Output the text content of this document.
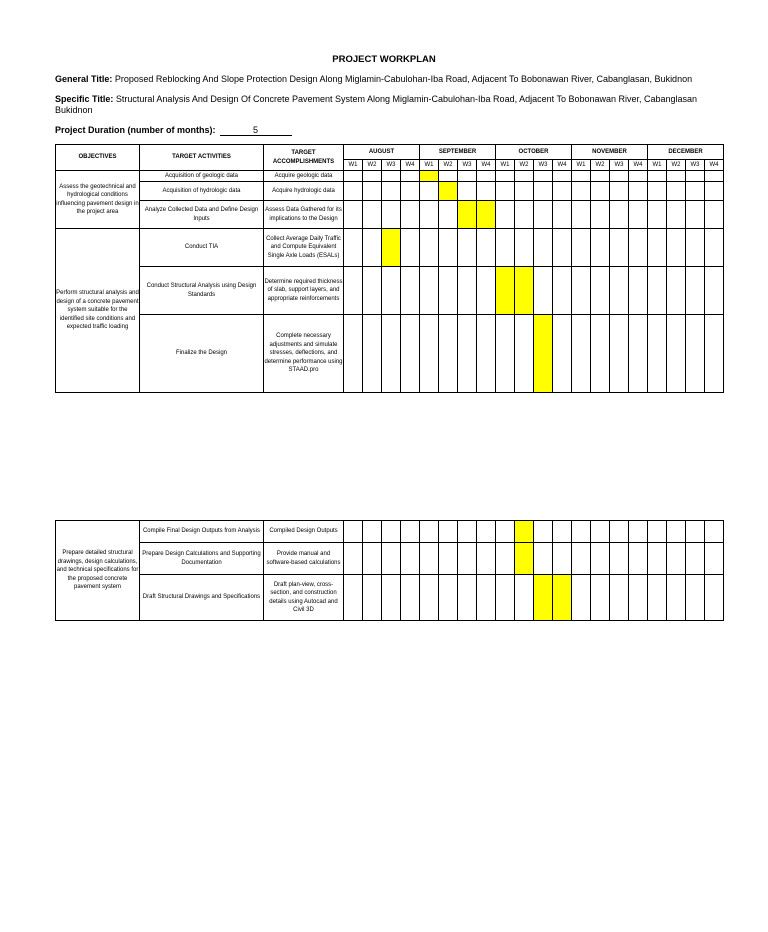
PROJECT WORKPLAN
General Title: Proposed Reblocking And Slope Protection Design Along Miglamin-Cabulohan-Iba Road, Adjacent To Bobonawan River, Cabanglasan, Bukidnon
Specific Title: Structural Analysis And Design Of Concrete Pavement System Along Miglamin-Cabulohan-Iba Road, Adjacent To Bobonawan River, Cabanglasan Bukidnon
Project Duration (number of months):	5
OBJECTIVES	TARGET ACTIVITIES	TARGET ACCOMPLISHMENTS	AUGUST				SEPTEMBER				OCTOBER				NOVEMBER				DECEMBER			
			W1	W2	W3	W4	W1	W2	W3	W4	W1	W2	W3	W4	W1	W2	W3	W4	W1	W2	W3	W4
Assess the geotechnical and hydrological conditions influencing pavement design in the project area	Acquisition of geologic data	Acquire geologic data																				
	Acquisition of hydrologic data	Acquire hydrologic data																				
	Analyze Collected Data and Define Design Inputs	Assess Data Gathered for its implications to the Design																				
Perform structural analysis and design of a concrete pavement system suitable for the identified site conditions and expected traffic loading	Conduct TIA	Collect Average Daily Traffic and Compute Equivalent Single Axle Loads (ESALs)																				
	Conduct Structural Analysis using Design Standards	Determine required thickness of slab, support layers, and appropriate reinforcements																				
	Finalize the Design	Complete necessary adjustments and simulate stresses, deflections, and determine performance using STAAD.pro																				
Prepare detailed structural drawings, design calculations, and technical specifications for the proposed concrete pavement system	Compile Final Design Outputs from Analysis	Compiled Design Outputs																				
	Prepare Design Calculations and Supporting Documentation	Provide manual and software-based calculations																				
	Draft Structural Drawings and Specifications	Draft plan-view, cross-section, and construction details using Autocad and Civil 3D																				
